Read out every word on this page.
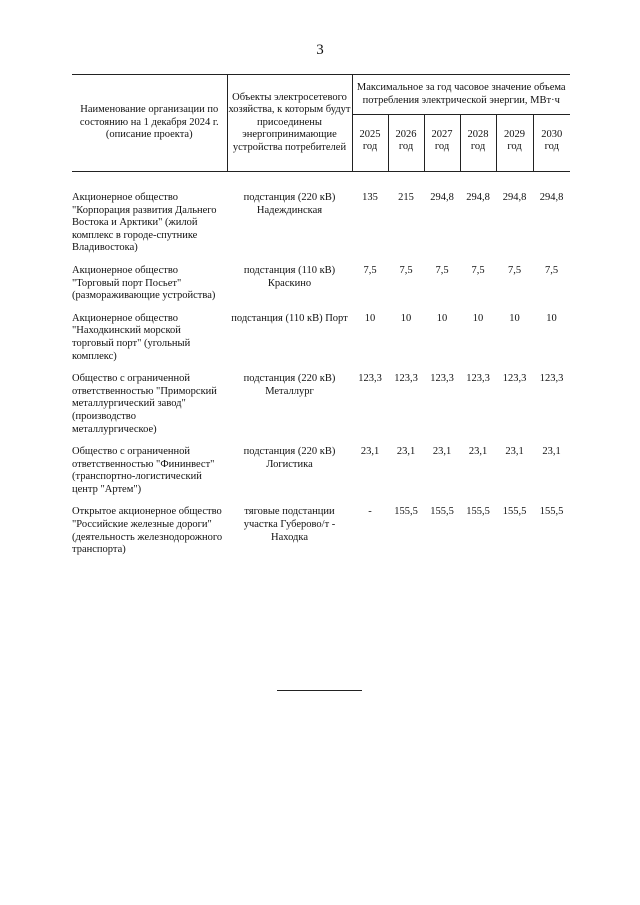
3
Наименование организации по состоянию на 1 декабря 2024 г. (описание проекта)	Объекты электросетевого хозяйства, к которым будут присоединены энергопринимающие устройства потребителей	Максимальное за год часовое значение объема потребления электрической энергии, МВт·ч					
		2025 год	2026 год	2027 год	2028 год	2029 год	2030 год
Акционерное общество "Корпорация развития Дальнего Востока и Арктики" (жилой комплекс в городе-спутнике Владивостока)	подстанция (220 кВ) Надеждинская	135	215	294,8	294,8	294,8	294,8
Акционерное общество "Торговый порт Посьет" (размораживающие устройства)	подстанция (110 кВ) Краскино	7,5	7,5	7,5	7,5	7,5	7,5
Акционерное общество "Находкинский морской торговый порт" (угольный комплекс)	подстанция (110 кВ) Порт	10	10	10	10	10	10
Общество с ограниченной ответственностью "Приморский металлургический завод" (производство металлургическое)	подстанция (220 кВ) Металлург	123,3	123,3	123,3	123,3	123,3	123,3
Общество с ограниченной ответственностью "Фининвест" (транспортно-логистический центр "Артем")	подстанция (220 кВ) Логистика	23,1	23,1	23,1	23,1	23,1	23,1
Открытое акционерное общество "Российские железные дороги" (деятельность железнодорожного транспорта)	тяговые подстанции участка Губерово/т - Находка	-	155,5	155,5	155,5	155,5	155,5
